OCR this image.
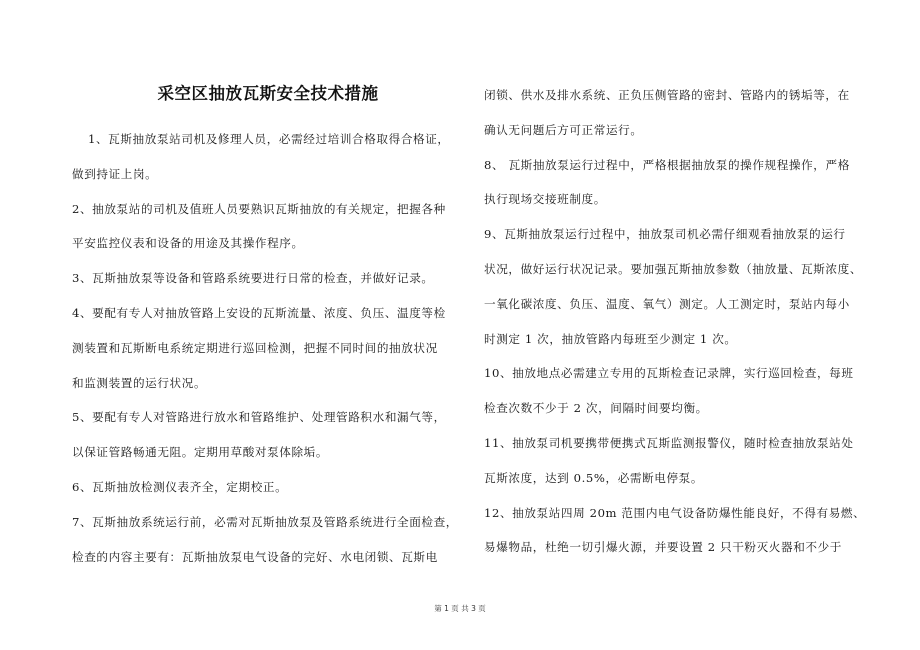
采空区抽放瓦斯安全技术措施
1、瓦斯抽放泵站司机及修理人员，必需经过培训合格取得合格证，
做到持证上岗。
2、抽放泵站的司机及值班人员要熟识瓦斯抽放的有关规定，把握各种
平安监控仪表和设备的用途及其操作程序。
3、瓦斯抽放泵等设备和管路系统要进行日常的检查，并做好记录。
4、要配有专人对抽放管路上安设的瓦斯流量、浓度、负压、温度等检
测装置和瓦斯断电系统定期进行巡回检测，把握不同时间的抽放状况
和监测装置的运行状况。
5、要配有专人对管路进行放水和管路维护、处理管路积水和漏气等，
以保证管路畅通无阻。定期用草酸对泵体除垢。
6、瓦斯抽放检测仪表齐全，定期校正。
7、瓦斯抽放系统运行前，必需对瓦斯抽放泵及管路系统进行全面检查，
检查的内容主要有：瓦斯抽放泵电气设备的完好、水电闭锁、瓦斯电
闭锁、供水及排水系统、正负压侧管路的密封、管路内的锈垢等，在
确认无问题后方可正常运行。
8、 瓦斯抽放泵运行过程中，严格根据抽放泵的操作规程操作，严格
执行现场交接班制度。
9、瓦斯抽放泵运行过程中，抽放泵司机必需仔细观看抽放泵的运行
状况，做好运行状况记录。要加强瓦斯抽放参数（抽放量、瓦斯浓度、
一氧化碳浓度、负压、温度、氧气）测定。人工测定时，泵站内每小
时测定 1 次，抽放管路内每班至少测定 1 次。
10、抽放地点必需建立专用的瓦斯检查记录牌，实行巡回检查，每班
检查次数不少于 2 次，间隔时间要均衡。
11、抽放泵司机要携带便携式瓦斯监测报警仪，随时检查抽放泵站处
瓦斯浓度，达到 0.5%，必需断电停泵。
12、抽放泵站四周 20m 范围内电气设备防爆性能良好，不得有易燃、
易爆物品，杜绝一切引爆火源，并要设置 2 只干粉灭火器和不少于
第 1 页 共 3 页
